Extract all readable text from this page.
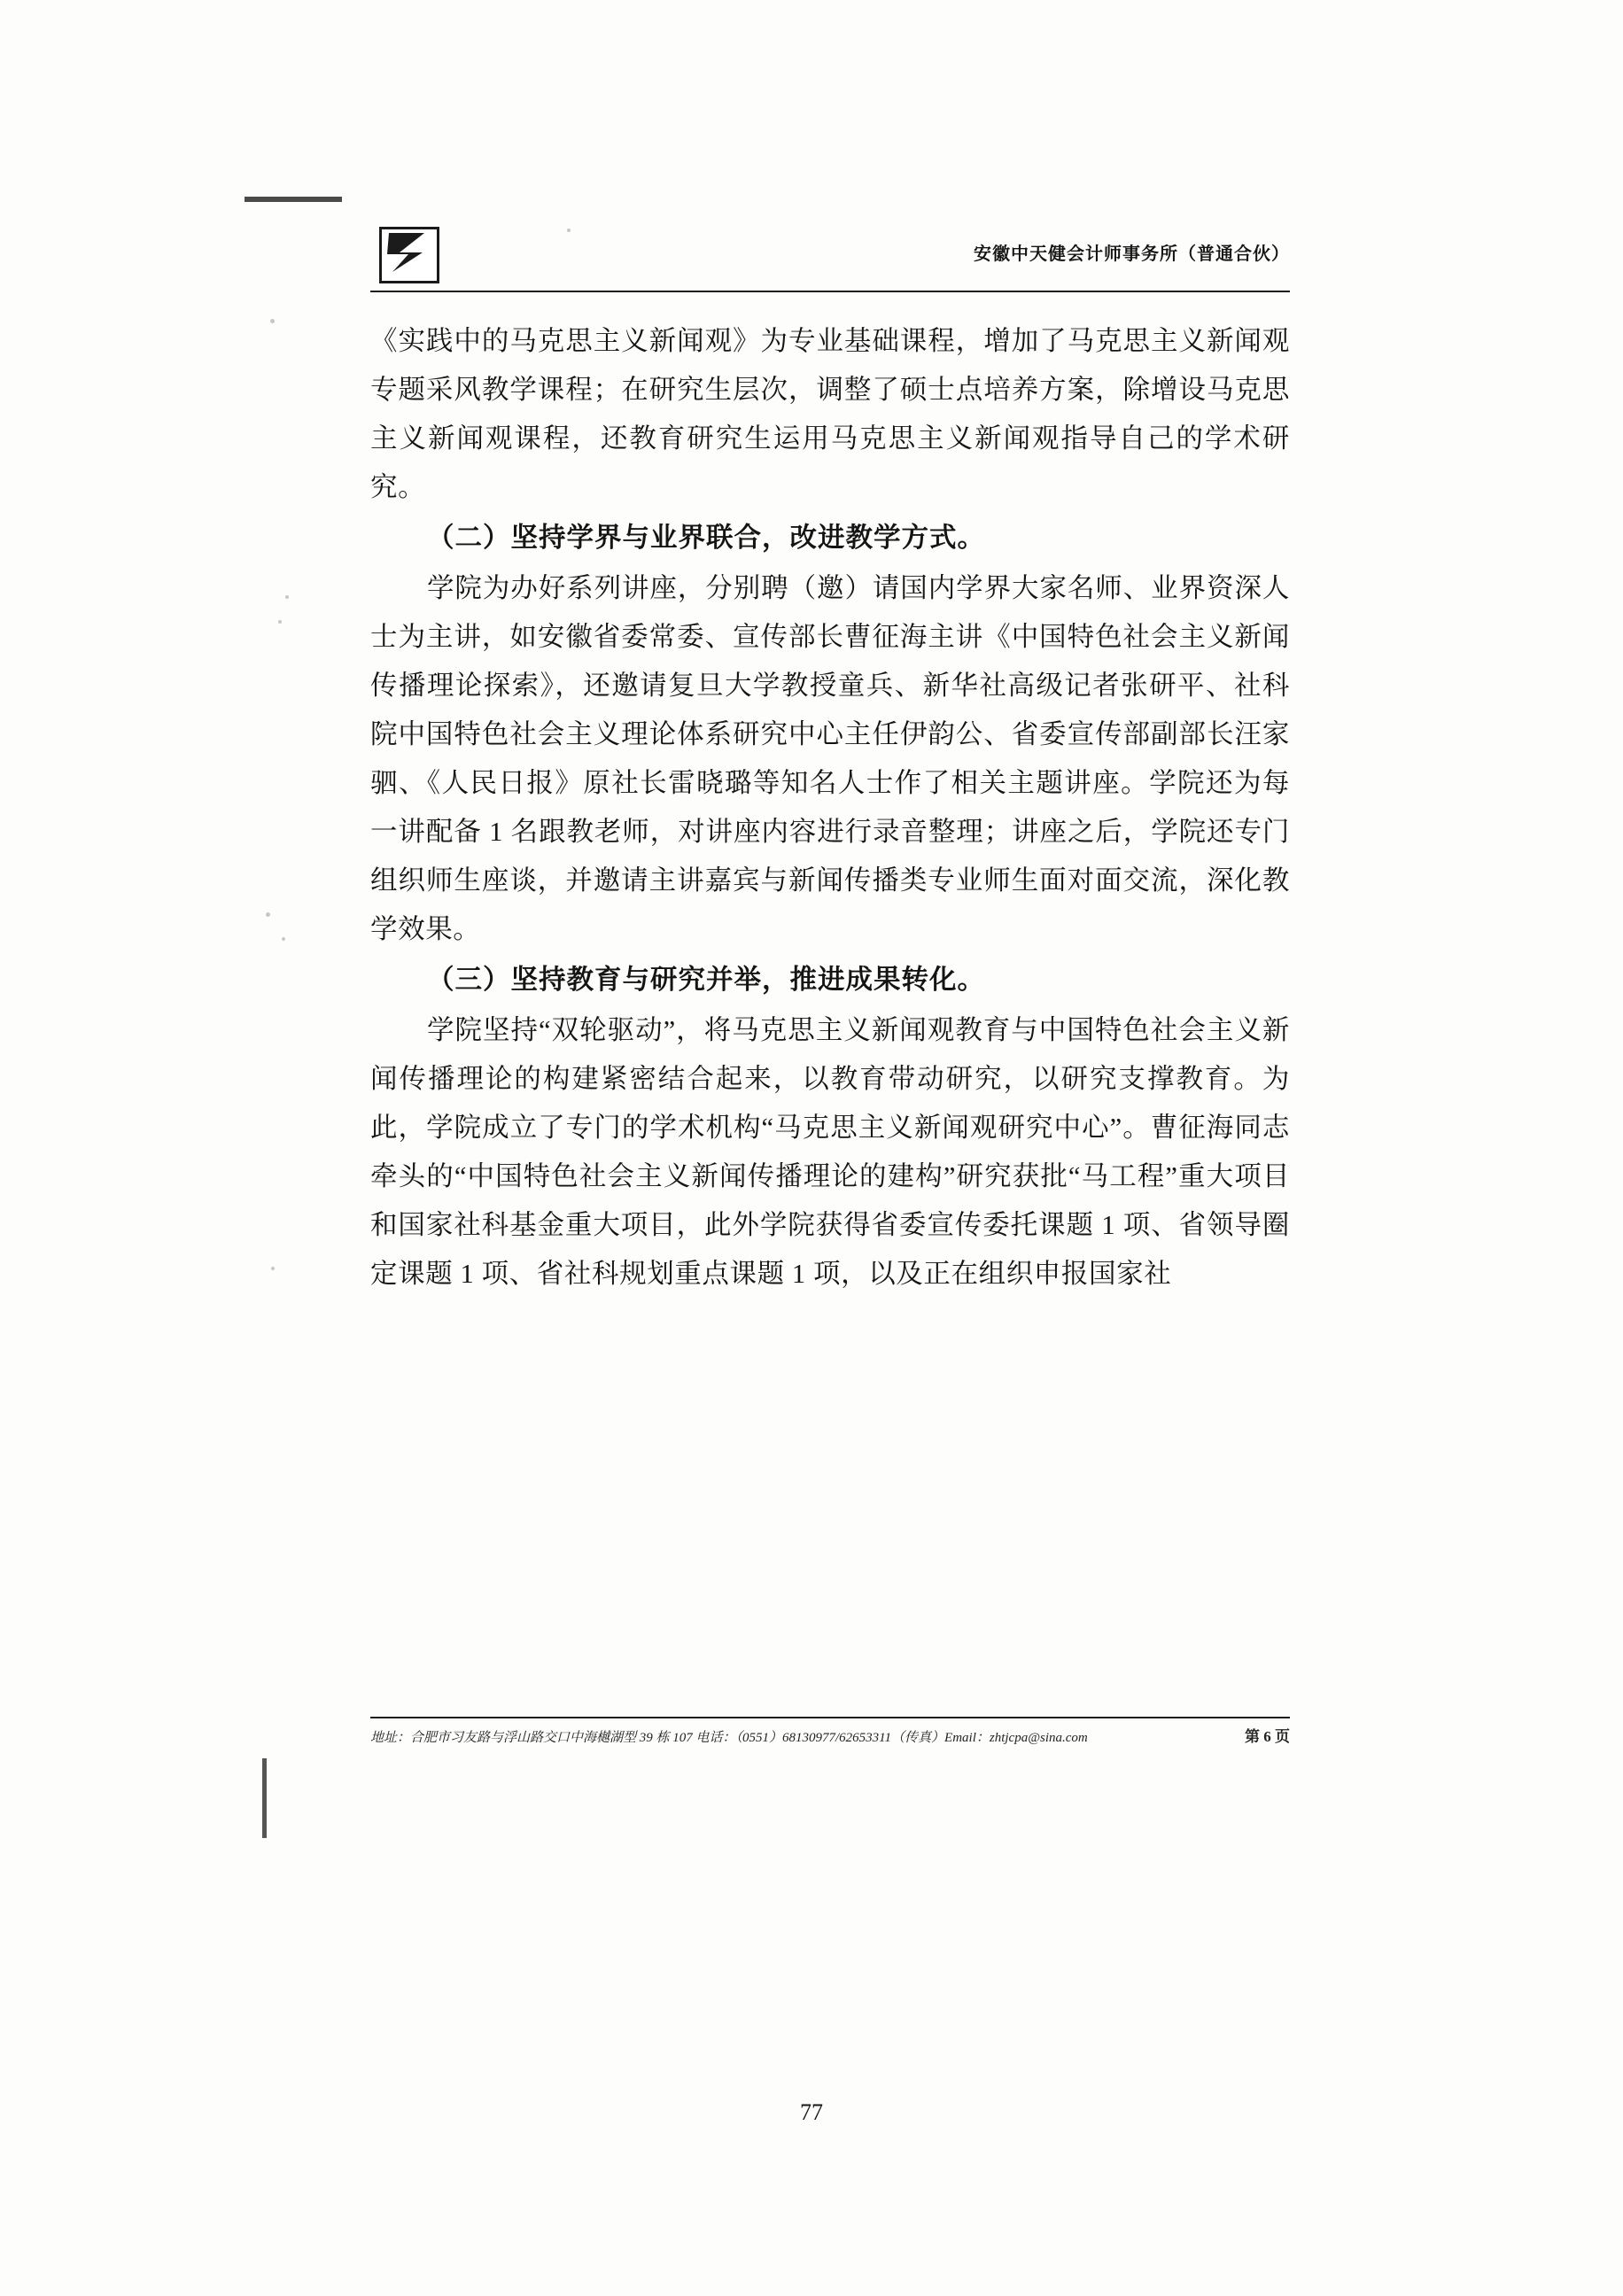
安徽中天健会计师事务所（普通合伙）

《实践中的马克思主义新闻观》为专业基础课程，增加了马克思主义新闻观专题采风教学课程；在研究生层次，调整了硕士点培养方案，除增设马克思主义新闻观课程，还教育研究生运用马克思主义新闻观指导自己的学术研究。

（二）坚持学界与业界联合，改进教学方式。

学院为办好系列讲座，分别聘（邀）请国内学界大家名师、业界资深人士为主讲，如安徽省委常委、宣传部长曹征海主讲《中国特色社会主义新闻传播理论探索》，还邀请复旦大学教授童兵、新华社高级记者张研平、社科院中国特色社会主义理论体系研究中心主任伊韵公、省委宣传部副部长汪家驷、《人民日报》原社长雷晓璐等知名人士作了相关主题讲座。学院还为每一讲配备 1 名跟教老师，对讲座内容进行录音整理；讲座之后，学院还专门组织师生座谈，并邀请主讲嘉宾与新闻传播类专业师生面对面交流，深化教学效果。

（三）坚持教育与研究并举，推进成果转化。

学院坚持“双轮驱动”，将马克思主义新闻观教育与中国特色社会主义新闻传播理论的构建紧密结合起来，以教育带动研究，以研究支撑教育。为此，学院成立了专门的学术机构“马克思主义新闻观研究中心”。曹征海同志牵头的“中国特色社会主义新闻传播理论的建构”研究获批“马工程”重大项目和国家社科基金重大项目，此外学院获得省委宣传委托课题 1 项、省领导圈定课题 1 项、省社科规划重点课题 1 项，以及正在组织申报国家社

地址：合肥市习友路与浮山路交口中海樾湖型 39 栋 107 电话：（0551）68130977/62653311（传真）Email：zhtjcpa@sina.com	第 6 页
77
